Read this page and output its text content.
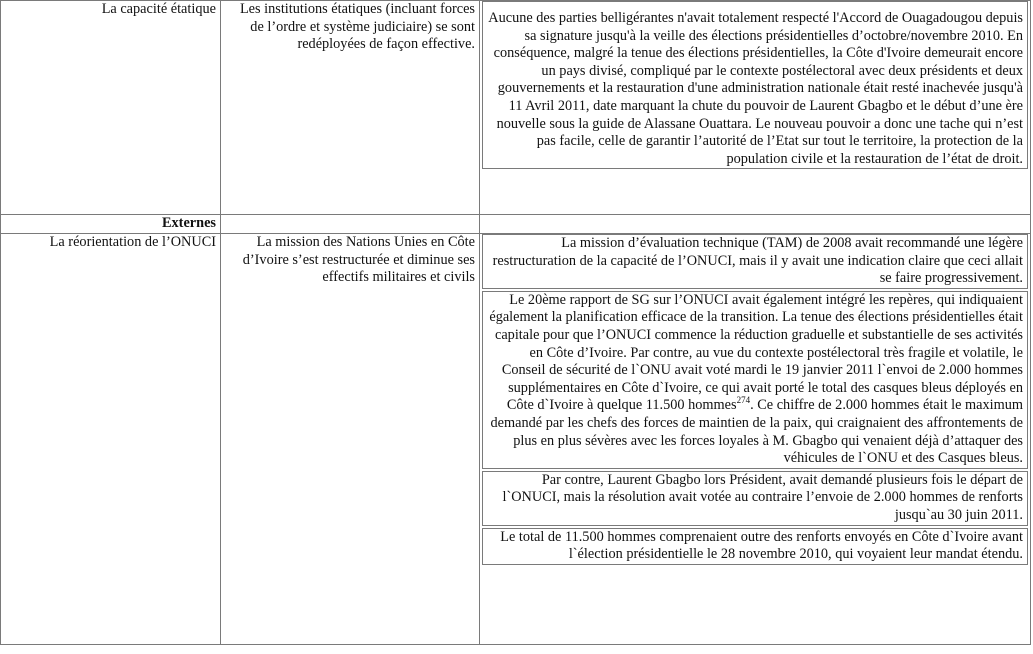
La capacité étatique	Les institutions étatiques (incluant forces de l’ordre et système judiciaire) se sont redéployées de façon effective.	Aucune des parties belligérantes n'avait totalement respecté l'Accord de Ouagadougou depuis sa signature jusqu'à la veille des élections présidentielles d’octobre/novembre 2010. En conséquence, malgré la tenue des élections présidentielles, la Côte d'Ivoire demeurait encore un pays divisé, compliqué par le contexte postélectoral avec deux présidents et deux gouvernements et la restauration d'une administration nationale était resté inachevée jusqu'à 11 Avril 2011, date marquant la chute du pouvoir de Laurent Gbagbo et le début d’une ère nouvelle sous la guide de Alassane Ouattara. Le nouveau pouvoir a donc une tache qui n’est pas facile, celle de garantir l’autorité de l’Etat sur tout le territoire, la protection de la population civile et la restauration de l’état de droit.

Externes		

La réorientation de l’ONUCI	La mission des Nations Unies en Côte d’Ivoire s’est restructurée et diminue ses effectifs militaires et civils	La mission d’évaluation technique (TAM) de 2008 avait recommandé une légère restructuration de la capacité de l’ONUCI, mais il y avait une indication claire que ceci allait se faire progressivement.
Le 20ème rapport de SG sur l’ONUCI avait également intégré les repères, qui indiquaient également la planification efficace de la transition. La tenue des élections présidentielles était capitale pour que l’ONUCI commence la réduction graduelle et substantielle de ses activités en Côte d’Ivoire. Par contre, au vue du contexte postélectoral très fragile et volatile, le Conseil de sécurité de l`ONU avait voté mardi le 19 janvier 2011 l`envoi de 2.000 hommes supplémentaires en Côte d`Ivoire, ce qui avait porté le total des casques bleus déployés en Côte d`Ivoire à quelque 11.500 hommes$^{274}$. Ce chiffre de 2.000 hommes était le maximum demandé par les chefs des forces de maintien de la paix, qui craignaient des affrontements de plus en plus sévères avec les forces loyales à M. Gbagbo qui venaient déjà d’attaquer des véhicules de l`ONU et des Casques bleus.
Par contre, Laurent Gbagbo lors Président, avait demandé plusieurs fois le départ de l`ONUCI, mais la résolution avait votée au contraire l’envoie de 2.000 hommes de renforts jusqu`au 30 juin 2011.
Le total de 11.500 hommes comprenaient outre des renforts envoyés en Côte d`Ivoire avant l`élection présidentielle le 28 novembre 2010, qui voyaient leur mandat étendu.
